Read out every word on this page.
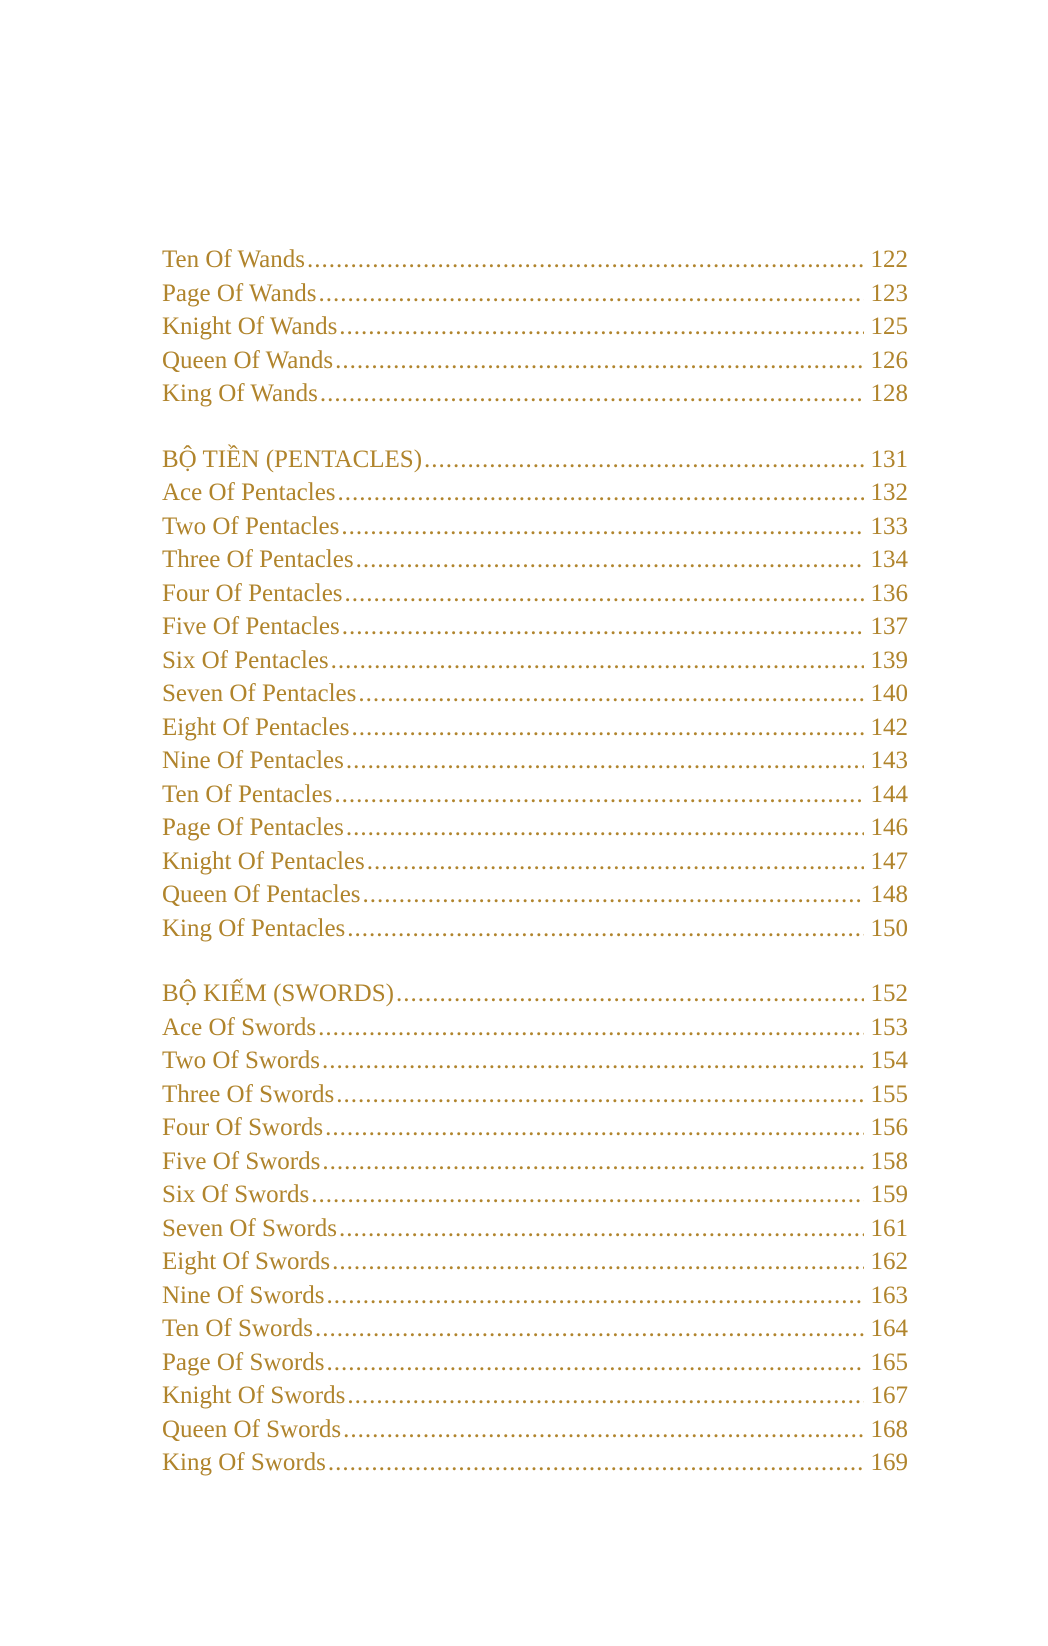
Ten Of Wands .....	122
Page Of Wands .....	123
Knight Of Wands .....	125
Queen Of Wands .....	126
King Of Wands .....	128
BỘ TIỀN (PENTACLES) .....	131
Ace Of Pentacles .....	132
Two Of Pentacles .....	133
Three Of Pentacles .....	134
Four Of Pentacles .....	136
Five Of Pentacles .....	137
Six Of Pentacles .....	139
Seven Of Pentacles .....	140
Eight Of Pentacles .....	142
Nine Of Pentacles .....	143
Ten Of Pentacles .....	144
Page Of Pentacles .....	146
Knight Of Pentacles .....	147
Queen Of Pentacles .....	148
King Of Pentacles .....	150
BỘ KIẾM (SWORDS) .....	152
Ace Of Swords .....	153
Two Of Swords .....	154
Three Of Swords .....	155
Four Of Swords .....	156
Five Of Swords .....	158
Six Of Swords .....	159
Seven Of Swords .....	161
Eight Of Swords .....	162
Nine Of Swords .....	163
Ten Of Swords .....	164
Page Of Swords .....	165
Knight Of Swords .....	167
Queen Of Swords .....	168
King Of Swords .....	169
